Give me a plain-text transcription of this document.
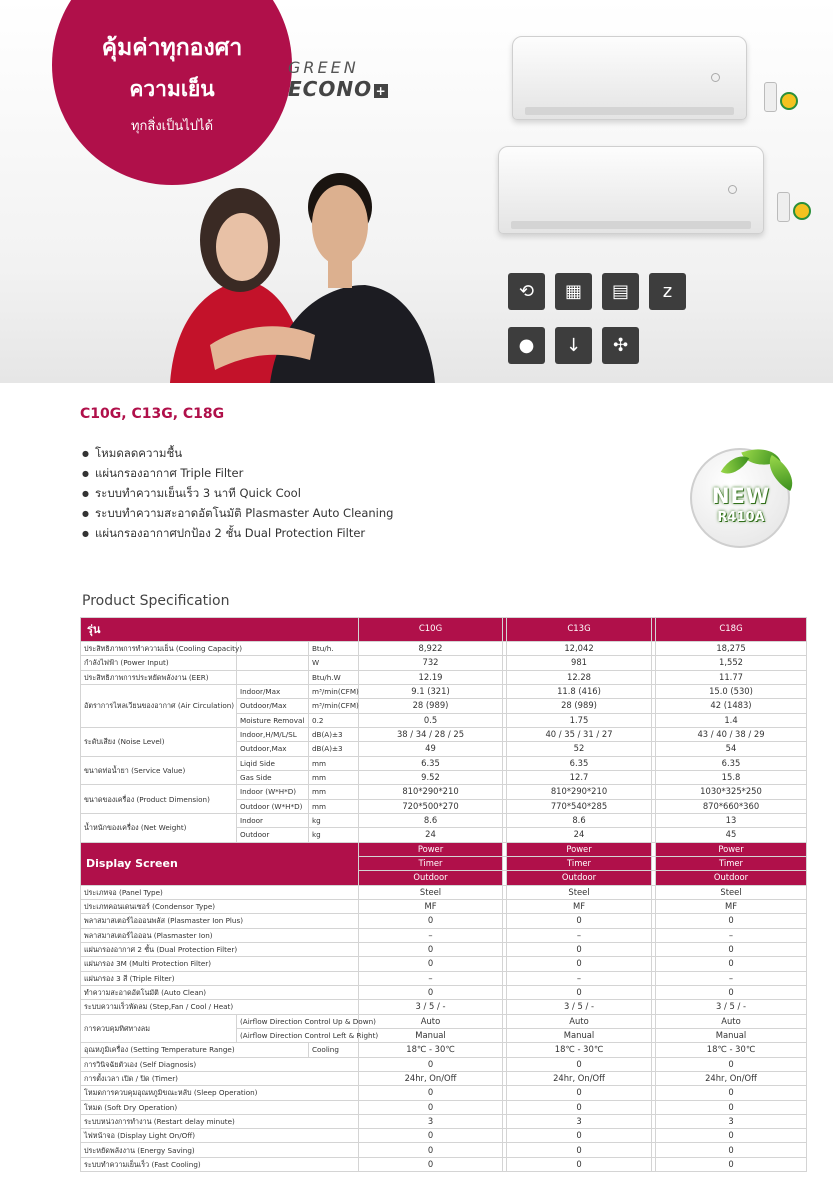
คุ้มค่าทุกองศา
ความเย็น
ทุกสิ่งเป็นไปได้
GREEN
ECONO +
⟲	▦	▤	z
●	↓	✣
C10G, C13G, C18G
● โหมดลดความชื้น
● แผ่นกรองอากาศ Triple Filter
● ระบบทำความเย็นเร็ว 3 นาที Quick Cool
● ระบบทำความสะอาดอัตโนมัติ Plasmaster Auto Cleaning
● แผ่นกรองอากาศปกป้อง 2 ชั้น Dual Protection Filter
NEW
R410A
Product Specification
รุ่น			C10G		C13G		C18G
ประสิทธิภาพการทำความเย็น (Cooling Capacity)		Btu/h.	8,922		12,042		18,275
กำลังไฟฟ้า (Power Input)		W	732		981		1,552
ประสิทธิภาพการประหยัดพลังงาน (EER)		Btu/h.W	12.19		12.28		11.77
อัตราการไหลเวียนของอากาศ (Air Circulation)	Indoor/Max	m³/min(CFM)	9.1 (321)		11.8 (416)		15.0 (530)
	Outdoor/Max	m³/min(CFM)	28 (989)		28 (989)		42 (1483)
	Moisture Removal	0.2	0.5		1.75		1.4
ระดับเสียง (Noise Level)	Indoor,H/M/L/SL	dB(A)±3	38 / 34 / 28 / 25		40 / 35 / 31 / 27		43 / 40 / 38 / 29
	Outdoor,Max	dB(A)±3	49		52		54
ขนาดท่อน้ำยา (Service Value)	Liqid Side	mm	6.35		6.35		6.35
	Gas Side	mm	9.52		12.7		15.8
ขนาดของเครื่อง (Product Dimension)	Indoor (W*H*D)	mm	810*290*210		810*290*210		1030*325*250
	Outdoor (W*H*D)	mm	720*500*270		770*540*285		870*660*360
น้ำหนักของเครื่อง (Net Weight)	Indoor	kg	8.6		8.6		13
	Outdoor	kg	24		24		45
Display Screen			Power		Power		Power
			Timer		Timer		Timer
			Outdoor		Outdoor		Outdoor
ประเภทจอ (Panel Type)			Steel		Steel		Steel
ประเภทคอนเดนเซอร์ (Condensor Type)			MF		MF		MF
พลาสมาสเตอร์ไอออนพลัส (Plasmaster Ion Plus)			0		0		0
พลาสมาสเตอร์ไอออน (Plasmaster Ion)			–		–		–
แผ่นกรองอากาศ 2 ชั้น (Dual Protection Filter)			0		0		0
แผ่นกรอง 3M (Multi Protection Filter)			0		0		0
แผ่นกรอง 3 สี (Triple Filter)			–		–		–
ทำความสะอาดอัตโนมัติ (Auto Clean)			0		0		0
ระบบความเร็วพัดลม (Step,Fan / Cool / Heat)			3 / 5 / -		3 / 5 / -		3 / 5 / -
การควบคุมทิศทางลม	(Airflow Direction Control Up & Down)		Auto		Auto		Auto
	(Airflow Direction Control Left & Right)		Manual		Manual		Manual
อุณหภูมิเครื่อง (Setting Temperature Range)		Cooling	18℃ - 30℃		18℃ - 30℃		18℃ - 30℃
การวินิจฉัยตัวเอง (Self Diagnosis)			0		0		0
การตั้งเวลา เปิด / ปิด (Timer)			24hr, On/Off		24hr, On/Off		24hr, On/Off
โหมดการควบคุมอุณหภูมิขณะหลับ (Sleep Operation)			0		0		0
โหมด (Soft Dry Operation)			0		0		0
ระบบหน่วงการทำงาน (Restart delay minute)			3		3		3
ไฟหน้าจอ (Display Light On/Off)			0		0		0
ประหยัดพลังงาน (Energy Saving)			0		0		0
ระบบทำความเย็นเร็ว (Fast Cooling)			0		0		0
